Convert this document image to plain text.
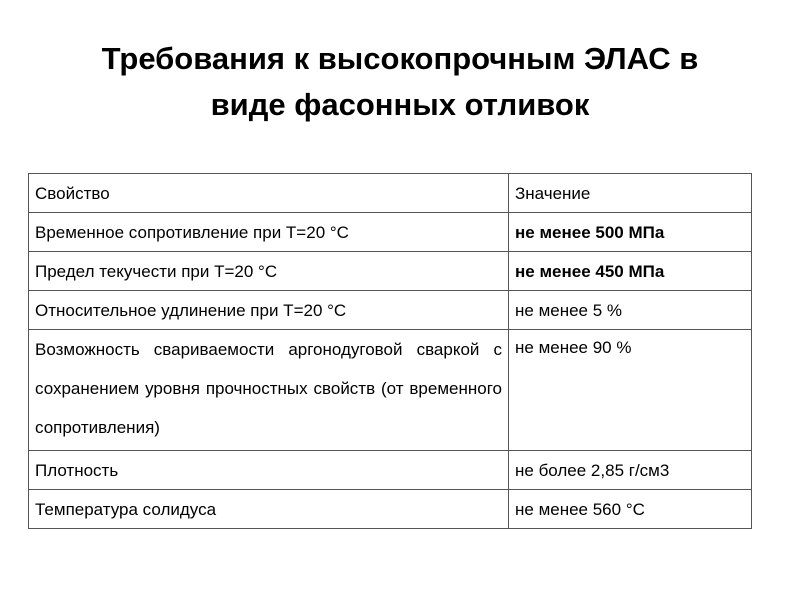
Требования к высокопрочным ЭЛАС в
виде фасонных отливок
Свойство	Значение
Временное сопротивление при Т=20 °С	не менее 500 МПа
Предел текучести при Т=20 °С	не менее 450 МПа
Относительное удлинение при Т=20 °С	не менее 5 %
Возможность свариваемости аргонодуговой сваркой с сохранением уровня прочностных свойств (от временного сопротивления)	не менее 90 %
Плотность	не более 2,85 г/см3
Температура солидуса	не менее 560 °С
